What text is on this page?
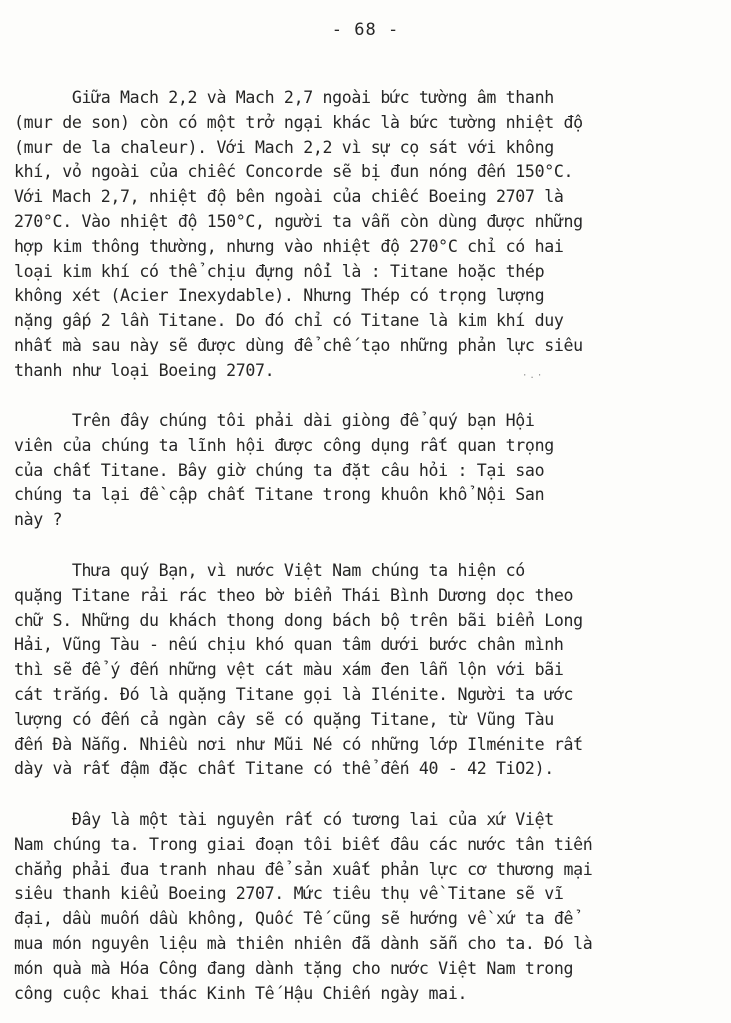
- 68 -
Giữa Mach 2,2 và Mach 2,7 ngoài bức tường âm thanh
(mur de son) còn có một trở ngại khác là bức tường nhiệt độ
(mur de la chaleur). Với Mach 2,2 vì sự cọ sát với không
khí, vỏ ngoài của chiếc Concorde sẽ bị đun nóng đến 150°C.
Với Mach 2,7, nhiệt độ bên ngoài của chiếc Boeing 2707 là
270°C. Vào nhiệt độ 150°C, người ta vẫn còn dùng được những
hợp kim thông thường, nhưng vào nhiệt độ 270°C chỉ có hai
loại kim khí có thể chịu đựng nổi là : Titane hoặc thép
không xét (Acier Inexydable). Nhưng Thép có trọng lượng
nặng gấp 2 lần Titane. Do đó chỉ có Titane là kim khí duy
nhất mà sau này sẽ được dùng để chế tạo những phản lực siêu
thanh như loại Boeing 2707.	·.·
Trên đây chúng tôi phải dài giòng để quý bạn Hội
viên của chúng ta lĩnh hội được công dụng rất quan trọng
của chất Titane. Bây giờ chúng ta đặt câu hỏi : Tại sao
chúng ta lại đề cập chất Titane trong khuôn khổ Nội San
này ?
Thưa quý Bạn, vì nước Việt Nam chúng ta hiện có
quặng Titane rải rác theo bờ biển Thái Bình Dương dọc theo
chữ S. Những du khách thong dong bách bộ trên bãi biển Long
Hải, Vũng Tàu - nếu chịu khó quan tâm dưới bước chân mình
thì sẽ để ý đến những vệt cát màu xám đen lẫn lộn với bãi
cát trắng. Đó là quặng Titane gọi là Ilénite. Người ta ước
lượng có đến cả ngàn cây sẽ có quặng Titane, từ Vũng Tàu
đến Đà Nẵng. Nhiều nơi như Mũi Né có những lớp Ilménite rất
dày và rất đậm đặc chất Titane có thể đến 40 - 42 TiO2).
Đây là một tài nguyên rất có tương lai của xứ Việt
Nam chúng ta. Trong giai đoạn tôi biết đâu các nước tân tiến
chẳng phải đua tranh nhau để sản xuất phản lực cơ thương mại
siêu thanh kiểu Boeing 2707. Mức tiêu thụ về Titane sẽ vĩ
đại, dầu muốn dầu không, Quốc Tế cũng sẽ hướng về xứ ta để
mua món nguyên liệu mà thiên nhiên đã dành sẵn cho ta. Đó là
món quà mà Hóa Công đang dành tặng cho nước Việt Nam trong
công cuộc khai thác Kinh Tế Hậu Chiến ngày mai.
